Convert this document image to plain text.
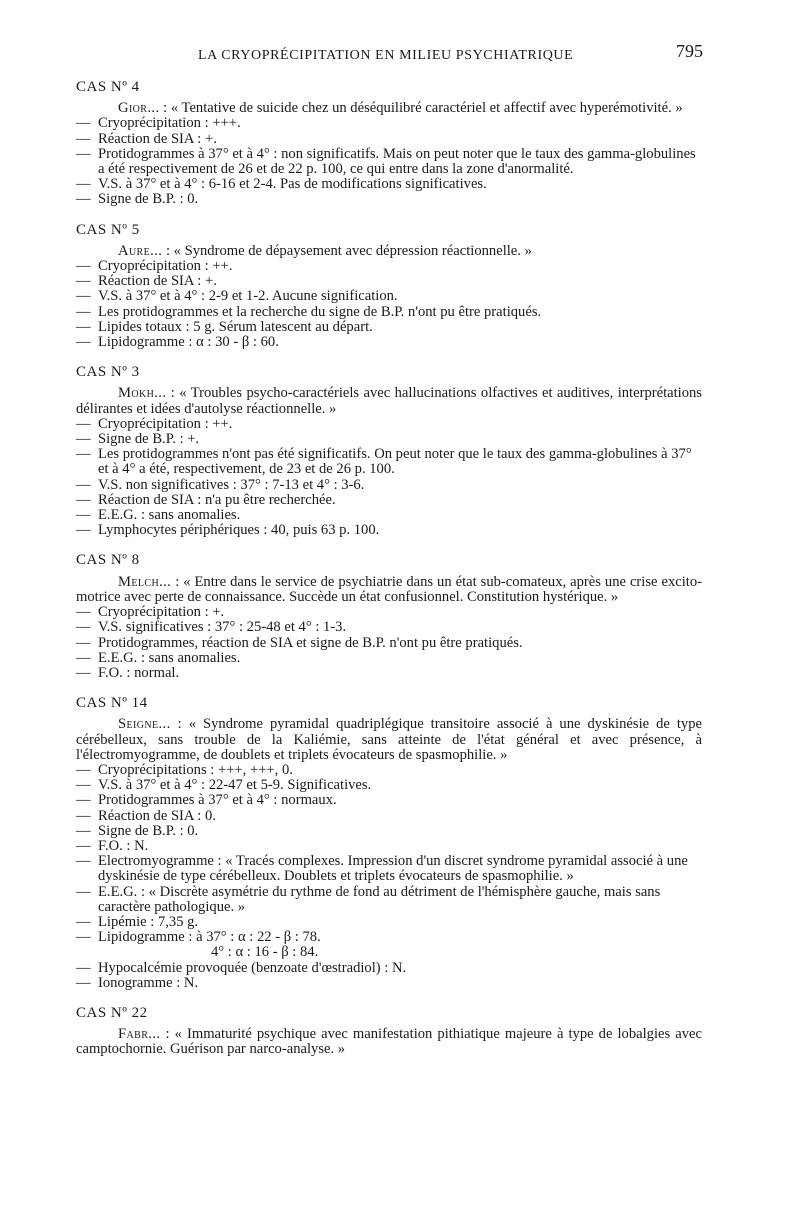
LA CRYOPRÉCIPITATION EN MILIEU PSYCHIATRIQUE	795
CAS Nº 4

Gior... : « Tentative de suicide chez un déséquilibré caractériel et affectif avec hyperémotivité. »

— Cryoprécipitation : +++.
— Réaction de SIA : +.
— Protidogrammes à 37° et à 4° : non significatifs. Mais on peut noter que le taux des gamma-globulines a été respectivement de 26 et de 22 p. 100, ce qui entre dans la zone d'anormalité.
— V.S. à 37° et à 4° : 6-16 et 2-4. Pas de modifications significatives.
— Signe de B.P. : 0.
CAS Nº 5

Aure... : « Syndrome de dépaysement avec dépression réactionnelle. »

— Cryoprécipitation : ++.
— Réaction de SIA : +.
— V.S. à 37° et à 4° : 2-9 et 1-2. Aucune signification.
— Les protidogrammes et la recherche du signe de B.P. n'ont pu être pratiqués.
— Lipides totaux : 5 g. Sérum latescent au départ.
— Lipidogramme : α : 30 - β : 60.
CAS Nº 3

Mokh... : « Troubles psycho-caractériels avec hallucinations olfactives et auditives, interprétations délirantes et idées d'autolyse réactionnelle. »

— Cryoprécipitation : ++.
— Signe de B.P. : +.
— Les protidogrammes n'ont pas été significatifs. On peut noter que le taux des gamma-globulines à 37° et à 4° a été, respectivement, de 23 et de 26 p. 100.
— V.S. non significatives : 37° : 7-13 et 4° : 3-6.
— Réaction de SIA : n'a pu être recherchée.
— E.E.G. : sans anomalies.
— Lymphocytes périphériques : 40, puis 63 p. 100.
CAS Nº 8

Melch... : « Entre dans le service de psychiatrie dans un état sub-comateux, après une crise excito-motrice avec perte de connaissance. Succède un état confusionnel. Constitution hystérique. »

— Cryoprécipitation : +.
— V.S. significatives : 37° : 25-48 et 4° : 1-3.
— Protidogrammes, réaction de SIA et signe de B.P. n'ont pu être pratiqués.
— E.E.G. : sans anomalies.
— F.O. : normal.
CAS Nº 14

Seigne... : « Syndrome pyramidal quadriplégique transitoire associé à une dyskinésie de type cérébelleux, sans trouble de la Kaliémie, sans atteinte de l'état général et avec présence, à l'électromyogramme, de doublets et triplets évocateurs de spasmophilie. »

— Cryoprécipitations : +++, +++, 0.
— V.S. à 37° et à 4° : 22-47 et 5-9. Significatives.
— Protidogrammes à 37° et à 4° : normaux.
— Réaction de SIA : 0.
— Signe de B.P. : 0.
— F.O. : N.
— Electromyogramme : « Tracés complexes. Impression d'un discret syndrome pyramidal associé à une dyskinésie de type cérébelleux. Doublets et triplets évocateurs de spasmophilie. »
— E.E.G. : « Discrète asymétrie du rythme de fond au détriment de l'hémisphère gauche, mais sans caractère pathologique. »
— Lipémie : 7,35 g.
— Lipidogramme : à 37° : α : 22 - β : 78.
4° : α : 16 - β : 84.
— Hypocalcémie provoquée (benzoate d'œstradiol) : N.
— Ionogramme : N.
CAS Nº 22

Fabr... : « Immaturité psychique avec manifestation pithiatique majeure à type de lobalgies avec camptochornie. Guérison par narco-analyse. »
